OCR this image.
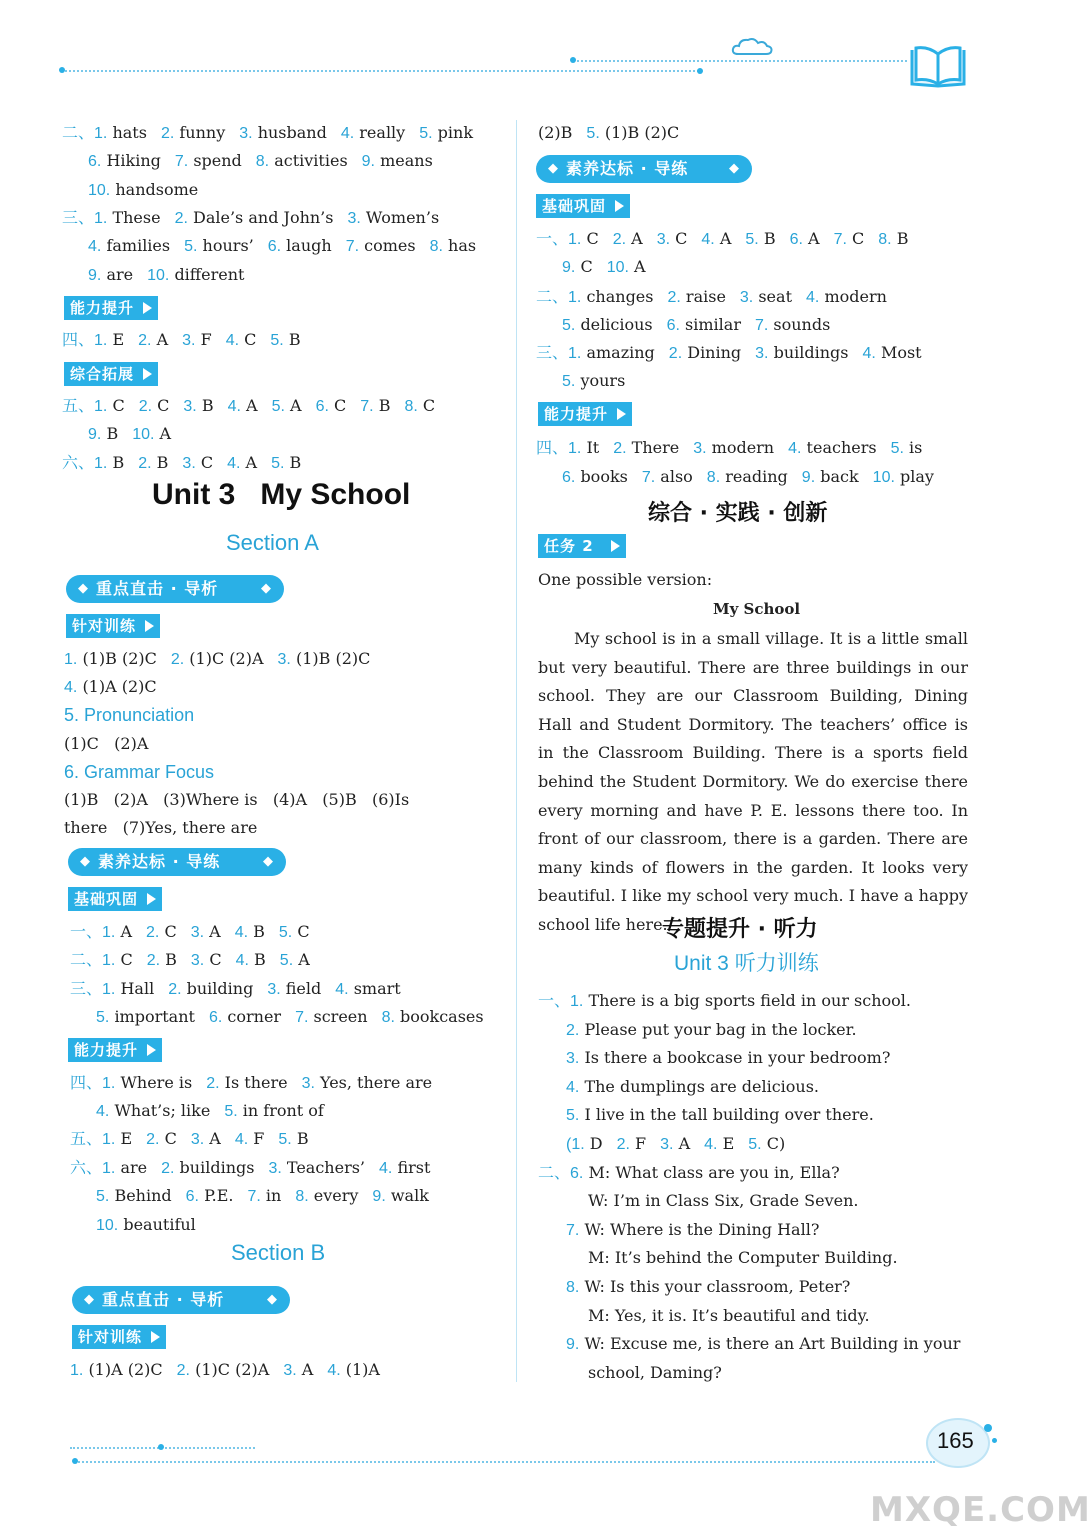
能力提升
综合拓展
Unit 3   My School
Section A
◆ 重点直击 · 导析	◆
针对训练
1. (1)B (2)C 2. (1)C (2)A 3. (1)B (2)C
4. (1)A (2)C
5. Pronunciation
(1)C   (2)A
6. Grammar Focus
(1)B   (2)A   (3)Where is   (4)A   (5)B   (6)Is
there   (7)Yes, there are
◆ 素养达标 · 导练	◆
基础巩固
能力提升
Section B
◆ 重点直击 · 导析	◆
针对训练
1. (1)A (2)C 2. (1)C (2)A 3. A 4. (1)A
(2)B 5. (1)B (2)C
◆ 素养达标 · 导练	◆
基础巩固
能力提升
综合 · 实践 · 创新
任务 2
One possible version:
My School
My school is in a small village. It is a little small but very beautiful. There are three buildings in our school. They are our Classroom Building, Dining Hall and Student Dormitory. The teachers’ office is in the Classroom Building. There is a sports field behind the Student Dormitory. We do exercise there every morning and have P. E. lessons there too. In front of our classroom, there is a garden. There are many kinds of flowers in the garden. It looks very beautiful. I like my school very much. I have a happy school life here.
专题提升 · 听力
Unit 3 听力训练
165
MXQE.COM
二、1. hats 2. funny 3. husband 4. really 5. pink
6. Hiking 7. spend 8. activities 9. means
10. handsome
三、1. These 2. Dale’s and John’s 3. Women’s
4. families 5. hours’ 6. laugh 7. comes 8. has
9. are 10. different
四、1. E 2. A 3. F 4. C 5. B
五、1. C 2. C 3. B 4. A 5. A 6. C 7. B 8. C
9. B 10. A
六、1. B 2. B 3. C 4. A 5. B
一、1. A 2. C 3. A 4. B 5. C
二、1. C 2. B 3. C 4. B 5. A
三、1. Hall 2. building 3. field 4. smart
5. important 6. corner 7. screen 8. bookcases
四、1. Where is 2. Is there 3. Yes, there are
4. What’s; like 5. in front of
五、1. E 2. C 3. A 4. F 5. B
六、1. are 2. buildings 3. Teachers’ 4. first
5. Behind 6. P.E. 7. in 8. every 9. walk
10. beautiful
一、1. C 2. A 3. C 4. A 5. B 6. A 7. C 8. B
9. C 10. A
二、1. changes 2. raise 3. seat 4. modern
5. delicious 6. similar 7. sounds
三、1. amazing 2. Dining 3. buildings 4. Most
5. yours
四、1. It 2. There 3. modern 4. teachers 5. is
6. books 7. also 8. reading 9. back 10. play
一、1. There is a big sports field in our school.
2. Please put your bag in the locker.
3. Is there a bookcase in your bedroom?
4. The dumplings are delicious.
5. I live in the tall building over there.
(1. D 2. F 3. A 4. E 5. C)
二、6. M: What class are you in, Ella?
W: I’m in Class Six, Grade Seven.
7. W: Where is the Dining Hall?
M: It’s behind the Computer Building.
8. W: Is this your classroom, Peter?
M: Yes, it is. It’s beautiful and tidy.
9. W: Excuse me, is there an Art Building in your
school, Daming?
